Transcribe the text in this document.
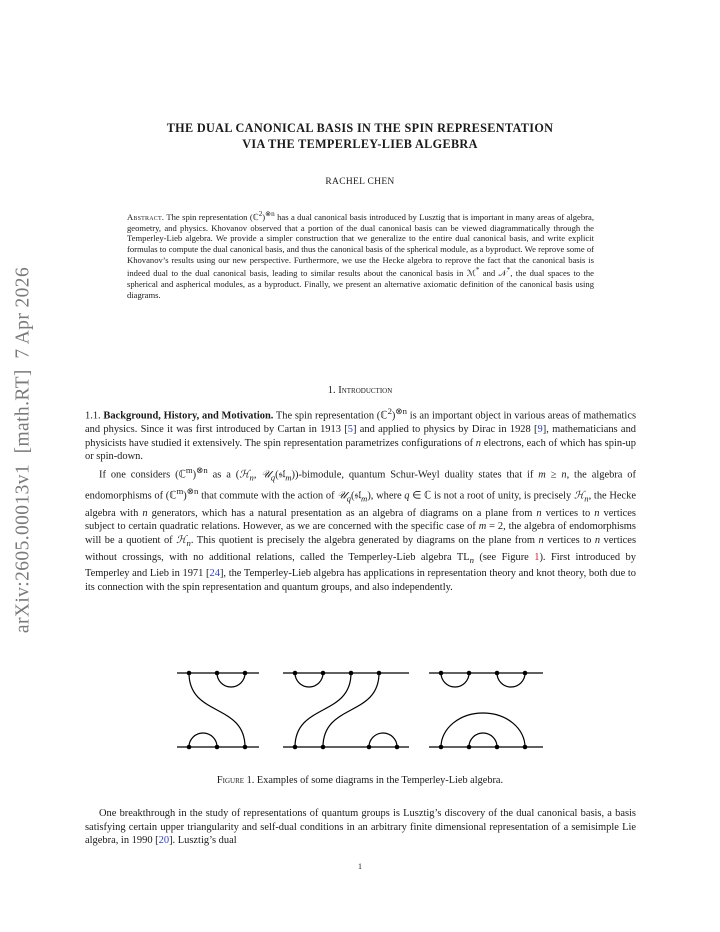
arXiv:2605.00013v1  [math.RT]  7 Apr 2026
THE DUAL CANONICAL BASIS IN THE SPIN REPRESENTATION
VIA THE TEMPERLEY-LIEB ALGEBRA
RACHEL CHEN
Abstract. The spin representation (ℂ$^2$)$^{\otimes n}$ has a dual canonical basis introduced by Lusztig that is important in many areas of algebra, geometry, and physics. Khovanov observed that a portion of the dual canonical basis can be viewed diagrammatically through the Temperley-Lieb algebra. We provide a simpler construction that we generalize to the entire dual canonical basis, and write explicit formulas to compute the dual canonical basis, and thus the canonical basis of the spherical module, as a byproduct. We reprove some of Khovanov’s results using our new perspective. Furthermore, we use the Hecke algebra to reprove the fact that the canonical basis is indeed dual to the dual canonical basis, leading to similar results about the canonical basis in ℳ* and 𝒩*, the dual spaces to the spherical and aspherical modules, as a byproduct. Finally, we present an alternative axiomatic definition of the canonical basis using diagrams.
1. Introduction

1.1. Background, History, and Motivation. The spin representation (ℂ$^2$)$^{\otimes n}$ is an important object in various areas of mathematics and physics. Since it was first introduced by Cartan in 1913 [5] and applied to physics by Dirac in 1928 [9], mathematicians and physicists have studied it extensively. The spin representation parametrizes configurations of n electrons, each of which has spin-up or spin-down.

If one considers (ℂ$^m$)$^{\otimes n}$ as a (ℋ$_n$, 𝒰$_q$(𝔰𝔩$_m$))-bimodule, quantum Schur-Weyl duality states that if m ≥ n, the algebra of endomorphisms of (ℂ$^m$)$^{\otimes n}$ that commute with the action of 𝒰$_q$(𝔰𝔩$_m$), where q ∈ ℂ is not a root of unity, is precisely ℋ$_n$, the Hecke algebra with n generators, which has a natural presentation as an algebra of diagrams on a plane from n vertices to n vertices subject to certain quadratic relations. However, as we are concerned with the specific case of m = 2, the algebra of endomorphisms will be a quotient of ℋ$_n$. This quotient is precisely the algebra generated by diagrams on the plane from n vertices to n vertices without crossings, with no additional relations, called the Temperley-Lieb algebra $TL_n$ (see Figure 1). First introduced by Temperley and Lieb in 1971 [24], the Temperley-Lieb algebra has applications in representation theory and knot theory, both due to its connection with the spin representation and quantum groups, and also independently.

Figure 1. Examples of some diagrams in the Temperley-Lieb algebra.

One breakthrough in the study of representations of quantum groups is Lusztig’s discovery of the dual canonical basis, a basis satisfying certain upper triangularity and self-dual conditions in an arbitrary finite dimensional representation of a semisimple Lie algebra, in 1990 [20]. Lusztig’s dual

1
